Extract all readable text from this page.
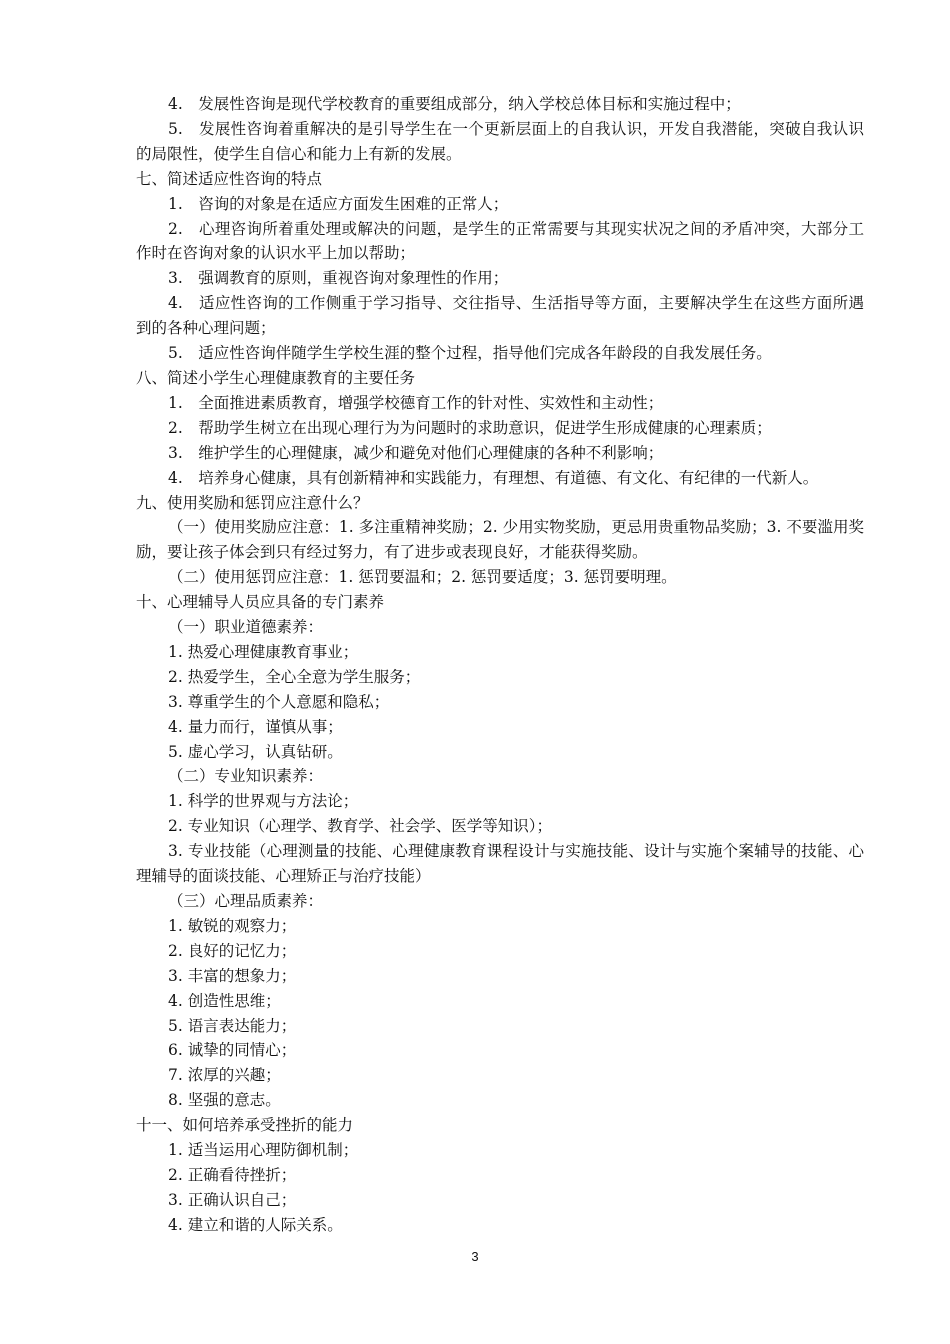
4.　发展性咨询是现代学校教育的重要组成部分，纳入学校总体目标和实施过程中；

5.　发展性咨询着重解决的是引导学生在一个更新层面上的自我认识，开发自我潜能，突破自我认识的局限性，使学生自信心和能力上有新的发展。

七、简述适应性咨询的特点

1.　咨询的对象是在适应方面发生困难的正常人；

2.　心理咨询所着重处理或解决的问题，是学生的正常需要与其现实状况之间的矛盾冲突，大部分工作时在咨询对象的认识水平上加以帮助；

3.　强调教育的原则，重视咨询对象理性的作用；

4.　适应性咨询的工作侧重于学习指导、交往指导、生活指导等方面，主要解决学生在这些方面所遇到的各种心理问题；

5.　适应性咨询伴随学生学校生涯的整个过程，指导他们完成各年龄段的自我发展任务。

八、简述小学生心理健康教育的主要任务

1.　全面推进素质教育，增强学校德育工作的针对性、实效性和主动性；

2.　帮助学生树立在出现心理行为为问题时的求助意识，促进学生形成健康的心理素质；

3.　维护学生的心理健康，减少和避免对他们心理健康的各种不利影响；

4.　培养身心健康，具有创新精神和实践能力，有理想、有道德、有文化、有纪律的一代新人。

九、使用奖励和惩罚应注意什么？

（一）使用奖励应注意：1. 多注重精神奖励；2. 少用实物奖励，更忌用贵重物品奖励；3. 不要滥用奖励，要让孩子体会到只有经过努力，有了进步或表现良好，才能获得奖励。

（二）使用惩罚应注意：1. 惩罚要温和；2. 惩罚要适度；3. 惩罚要明理。

十、心理辅导人员应具备的专门素养

（一）职业道德素养：

1. 热爱心理健康教育事业；

2. 热爱学生，全心全意为学生服务；

3. 尊重学生的个人意愿和隐私；

4. 量力而行，谨慎从事；

5. 虚心学习，认真钻研。

（二）专业知识素养：

1. 科学的世界观与方法论；

2. 专业知识（心理学、教育学、社会学、医学等知识）；

3. 专业技能（心理测量的技能、心理健康教育课程设计与实施技能、设计与实施个案辅导的技能、心理辅导的面谈技能、心理矫正与治疗技能）

（三）心理品质素养：

1. 敏锐的观察力；

2. 良好的记忆力；

3. 丰富的想象力；

4. 创造性思维；

5. 语言表达能力；

6. 诚挚的同情心；

7. 浓厚的兴趣；

8. 坚强的意志。

十一、如何培养承受挫折的能力

1. 适当运用心理防御机制；

2. 正确看待挫折；

3. 正确认识自己；

4. 建立和谐的人际关系。

3
